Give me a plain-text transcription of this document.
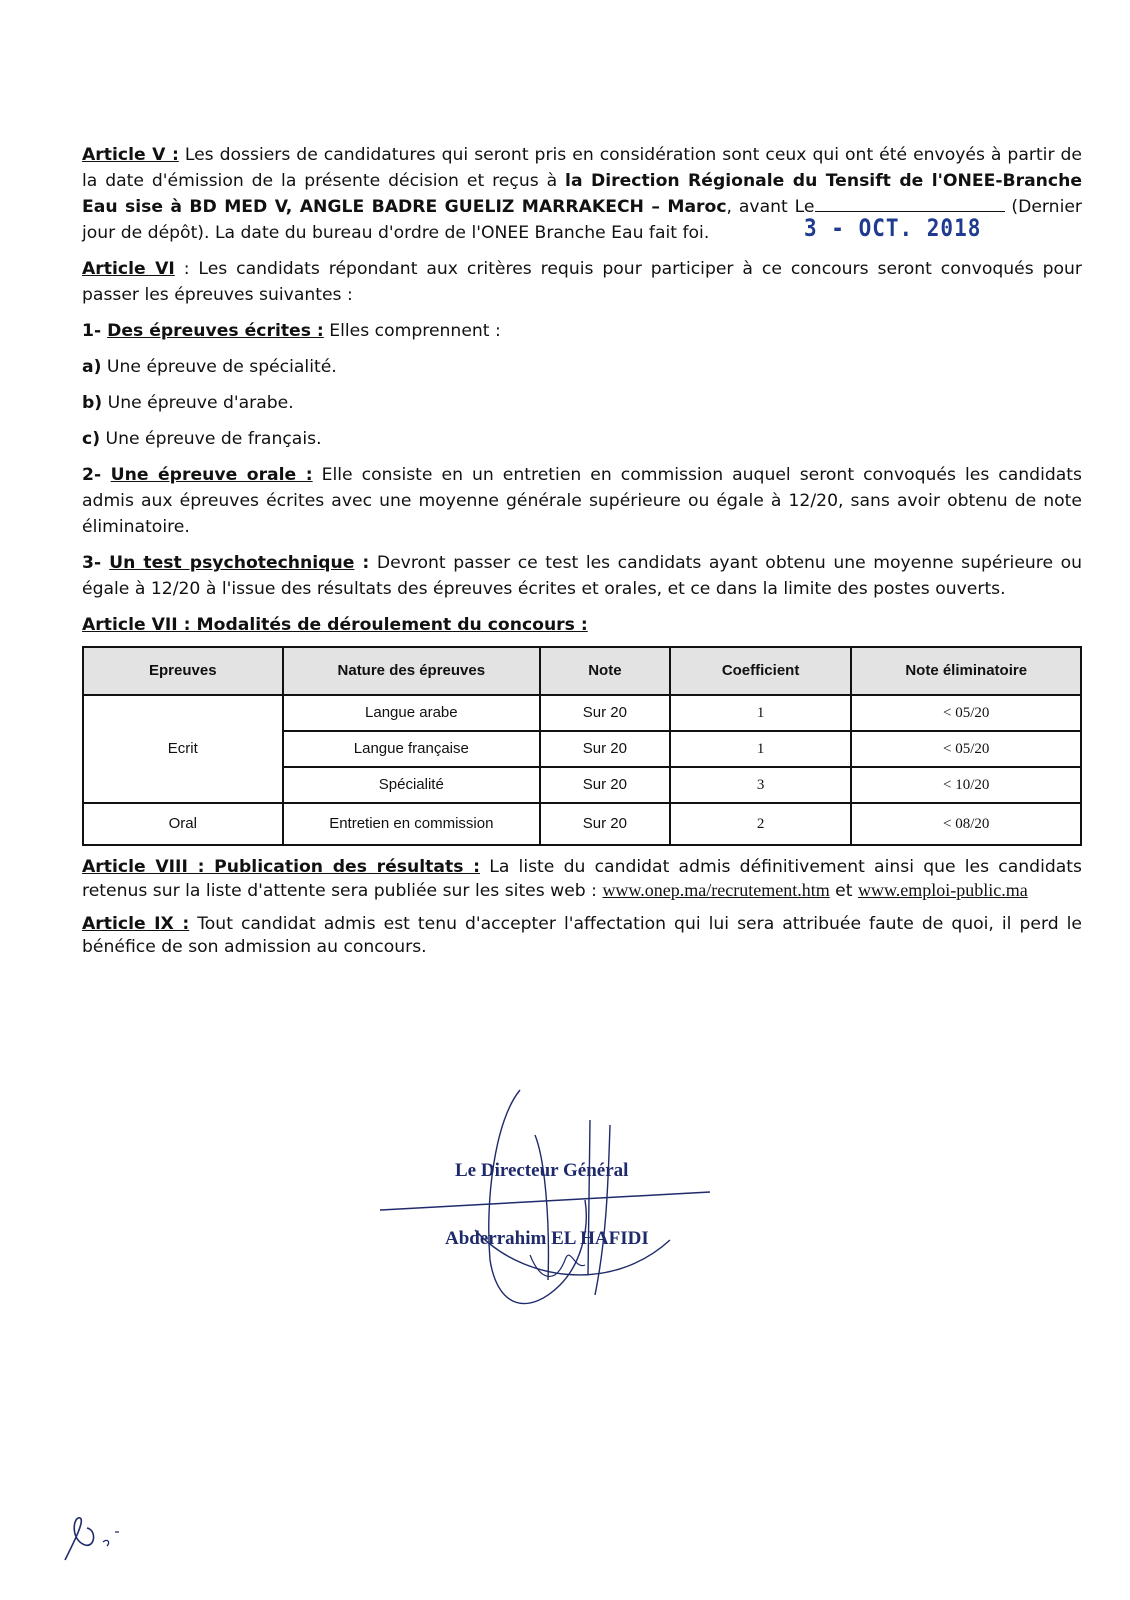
Article V : Les dossiers de candidatures qui seront pris en considération sont ceux qui ont été envoyés à partir de la date d'émission de la présente décision et reçus à la Direction Régionale du Tensift de l'ONEE-Branche Eau sise à BD MED V, ANGLE BADRE GUELIZ MARRAKECH – Maroc, avant Le	(Dernier jour de dépôt). La date du bureau d'ordre de l'ONEE Branche Eau fait foi.

Article VI : Les candidats répondant aux critères requis pour participer à ce concours seront convoqués pour passer les épreuves suivantes :

1- Des épreuves écrites : Elles comprennent :

a) Une épreuve de spécialité.

b) Une épreuve d'arabe.

c) Une épreuve de français.

2- Une épreuve orale : Elle consiste en un entretien en commission auquel seront convoqués les candidats admis aux épreuves écrites avec une moyenne générale supérieure ou égale à 12/20, sans avoir obtenu de note éliminatoire.

3- Un test psychotechnique : Devront passer ce test les candidats ayant obtenu une moyenne supérieure ou égale à 12/20 à l'issue des résultats des épreuves écrites et orales, et ce dans la limite des postes ouverts.

Article VII : Modalités de déroulement du concours :

Epreuves	Nature des épreuves	Note	Coefficient	Note éliminatoire
Ecrit	Langue arabe	Sur 20	1	< 05/20
	Langue française	Sur 20	1	< 05/20
	Spécialité	Sur 20	3	< 10/20
Oral	Entretien en commission	Sur 20	2	< 08/20

Article VIII : Publication des résultats : La liste du candidat admis définitivement ainsi que les candidats retenus sur la liste d'attente sera publiée sur les sites web : www.onep.ma/recrutement.htm et www.emploi-public.ma

Article IX : Tout candidat admis est tenu d'accepter l'affectation qui lui sera attribuée faute de quoi, il perd le bénéfice de son admission au concours.

3 - OCT. 2018
Le Directeur Général
Abderrahim EL HAFIDI
